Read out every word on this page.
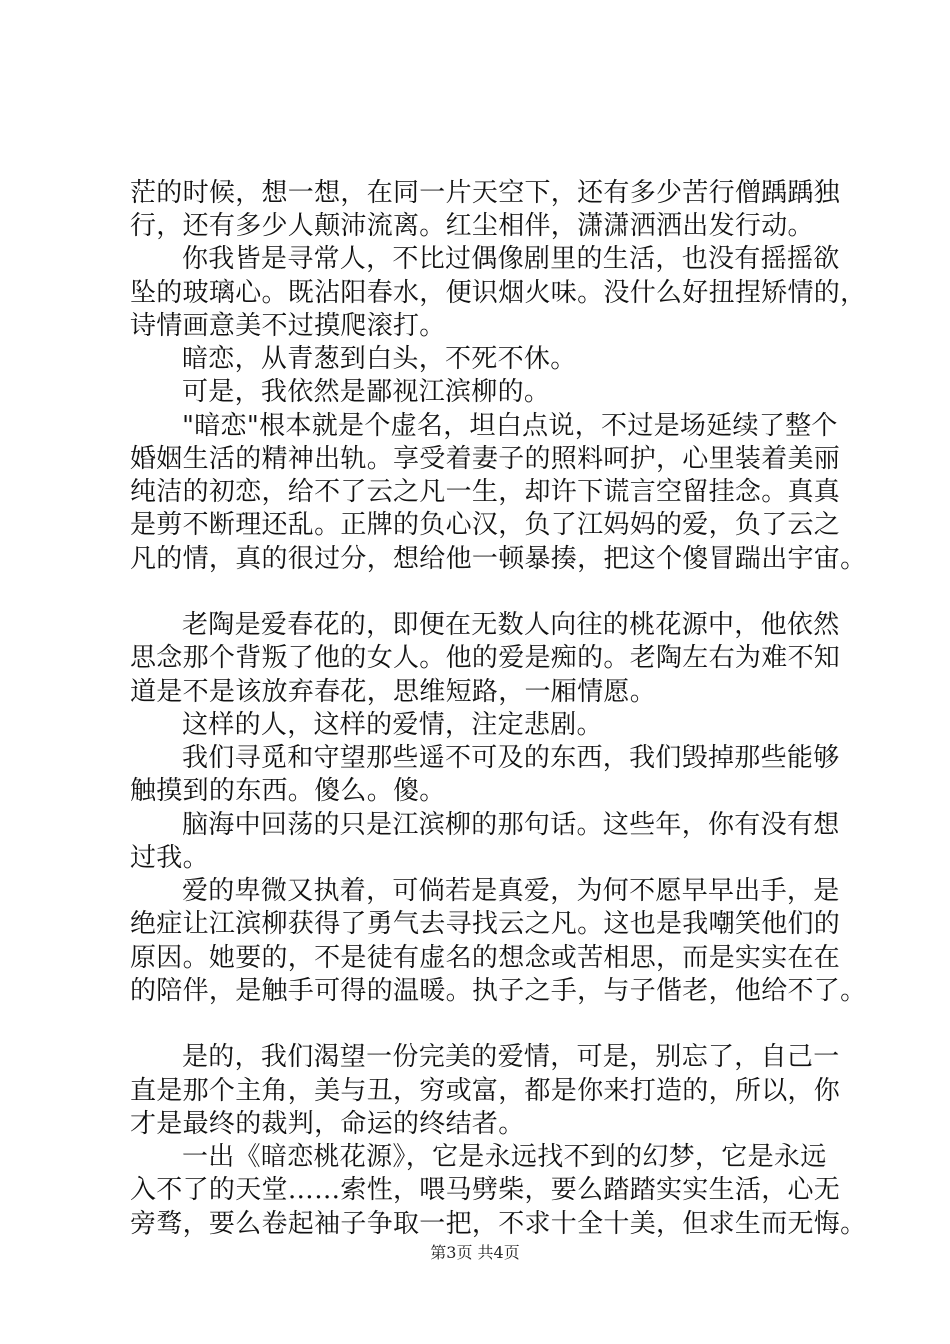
茫的时候，想一想，在同一片天空下，还有多少苦行僧踽踽独
行，还有多少人颠沛流离。红尘相伴，潇潇洒洒出发行动。
你我皆是寻常人，不比过偶像剧里的生活，也没有摇摇欲
坠的玻璃心。既沾阳春水，便识烟火味。没什么好扭捏矫情的，
诗情画意美不过摸爬滚打。
暗恋，从青葱到白头，不死不休。
可是，我依然是鄙视江滨柳的。
"暗恋"根本就是个虚名，坦白点说，不过是场延续了整个
婚姻生活的精神出轨。享受着妻子的照料呵护，心里装着美丽
纯洁的初恋，给不了云之凡一生，却许下谎言空留挂念。真真
是剪不断理还乱。正牌的负心汉，负了江妈妈的爱，负了云之
凡的情，真的很过分，想给他一顿暴揍，把这个傻冒踹出宇宙。
老陶是爱春花的，即便在无数人向往的桃花源中，他依然
思念那个背叛了他的女人。他的爱是痴的。老陶左右为难不知
道是不是该放弃春花，思维短路，一厢情愿。
这样的人，这样的爱情，注定悲剧。
我们寻觅和守望那些遥不可及的东西，我们毁掉那些能够
触摸到的东西。傻么。傻。
脑海中回荡的只是江滨柳的那句话。这些年，你有没有想
过我。
爱的卑微又执着，可倘若是真爱，为何不愿早早出手，是
绝症让江滨柳获得了勇气去寻找云之凡。这也是我嘲笑他们的
原因。她要的，不是徒有虚名的想念或苦相思，而是实实在在
的陪伴，是触手可得的温暖。执子之手，与子偕老，他给不了。
是的，我们渴望一份完美的爱情，可是，别忘了，自己一
直是那个主角，美与丑，穷或富，都是你来打造的，所以，你
才是最终的裁判，命运的终结者。
一出《暗恋桃花源》，它是永远找不到的幻梦，它是永远
入不了的天堂……索性，喂马劈柴，要么踏踏实实生活，心无
旁骛，要么卷起袖子争取一把，不求十全十美，但求生而无悔。
第3页 共4页
